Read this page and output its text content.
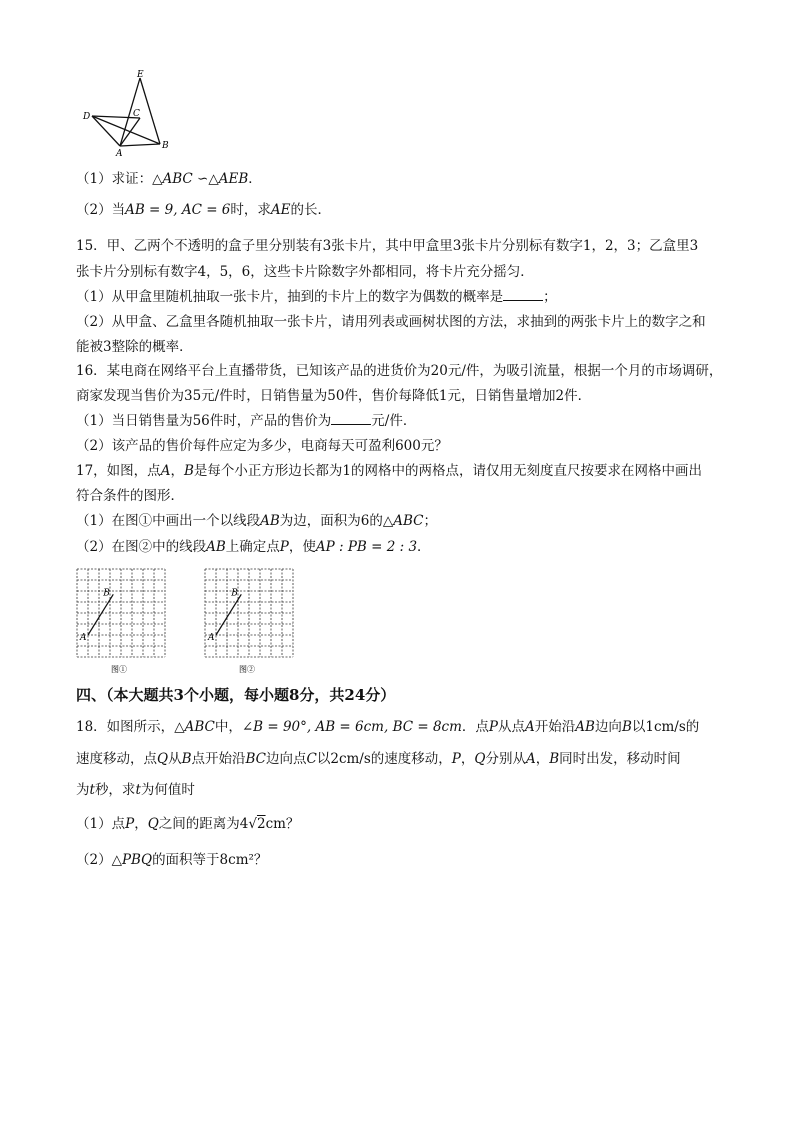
E
D	C
A
B
（1）求证：△ABC ∽△AEB．
（2）当AB = 9, AC = 6时，求AE的长．
15．甲、乙两个不透明的盒子里分别装有3张卡片，其中甲盒里3张卡片分别标有数字1，2，3；乙盒里3
张卡片分别标有数字4，5，6，这些卡片除数字外都相同，将卡片充分摇匀．
（1）从甲盒里随机抽取一张卡片，抽到的卡片上的数字为偶数的概率是	；
（2）从甲盒、乙盒里各随机抽取一张卡片，请用列表或画树状图的方法，求抽到的两张卡片上的数字之和
能被3整除的概率．
16．某电商在网络平台上直播带货，已知该产品的进货价为20元/件，为吸引流量，根据一个月的市场调研，
商家发现当售价为35元/件时，日销售量为50件，售价每降低1元，日销售量增加2件．
（1）当日销售量为56件时，产品的售价为	元/件．
（2）该产品的售价每件应定为多少，电商每天可盈利600元？
17，如图，点A，B是每个小正方形边长都为1的网格中的两格点，请仅用无刻度直尺按要求在网格中画出
符合条件的图形．
（1）在图①中画出一个以线段AB为边，面积为6的△ABC；
（2）在图②中的线段AB上确定点P，使AP : PB = 2 : 3．
A
B
图①
A
B
图②
四、（本大题共3个小题，每小题8分，共24分）
18．如图所示，△ABC中，∠B = 90°, AB = 6cm, BC = 8cm．点P从点A开始沿AB边向B以1cm/s的
速度移动，点Q从B点开始沿BC边向点C以2cm/s的速度移动，P，Q分别从A，B同时出发，移动时间
为t秒，求t为何值时
（1）点P，Q之间的距离为4√2cm？
（2）△PBQ的面积等于8cm²？
